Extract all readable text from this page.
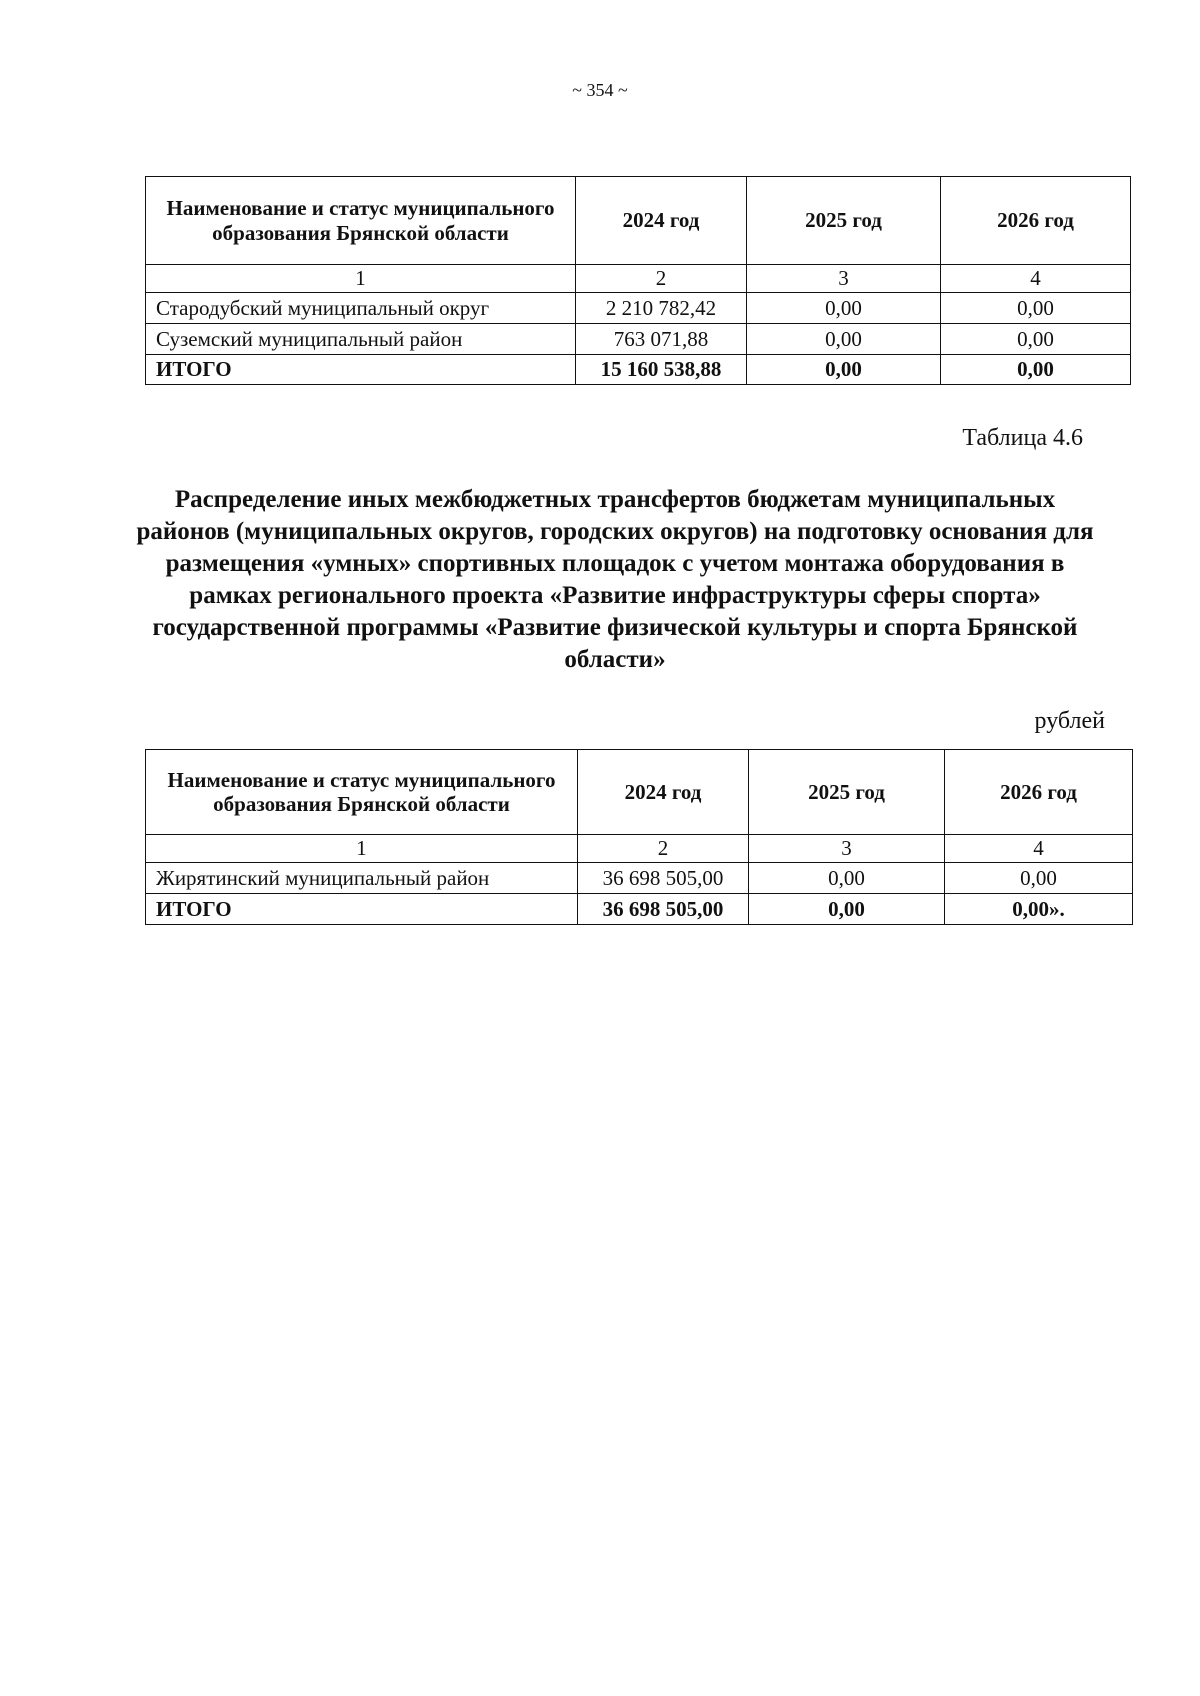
~ 354 ~
Наименование и статус муниципального образования Брянской области	2024 год	2025 год	2026 год
1	2	3	4
Стародубский муниципальный округ	2 210 782,42	0,00	0,00
Суземский муниципальный район	763 071,88	0,00	0,00
ИТОГО	15 160 538,88	0,00	0,00
Таблица 4.6
Распределение иных межбюджетных трансфертов бюджетам муниципальных районов (муниципальных округов, городских округов) на подготовку основания для размещения «умных» спортивных площадок с учетом монтажа оборудования в рамках регионального проекта «Развитие инфраструктуры сферы спорта» государственной программы «Развитие физической культуры и спорта Брянской области»
рублей
Наименование и статус муниципального образования Брянской области	2024 год	2025 год	2026 год
1	2	3	4
Жирятинский муниципальный район	36 698 505,00	0,00	0,00
ИТОГО	36 698 505,00	0,00	0,00».
